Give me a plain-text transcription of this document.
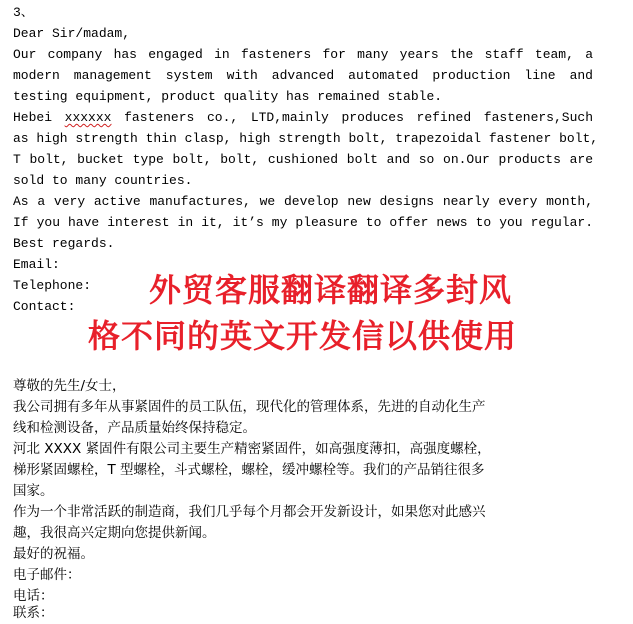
3、
Dear Sir/madam,
Our company has engaged in fasteners for many years the staff team, a
modern management system with advanced automated production line and
testing equipment, product quality has remained stable.
Hebei xxxxxx fasteners co., LTD,mainly produces refined fasteners,Such
as high strength thin clasp, high strength bolt, trapezoidal fastener bolt,
T bolt, bucket type bolt, bolt, cushioned bolt and so on.Our products are
sold to many countries.
As a very active manufactures, we develop new designs nearly every month,
If you have interest in it, it’s my pleasure to offer news to you regular.
Best regards.
Email:
Telephone:
Contact:	外贸客服翻译翻译多封风
格不同的英文开发信以供使用
尊敬的先生/女士，
我公司拥有多年从事紧固件的员工队伍，现代化的管理体系，先进的自动化生产
线和检测设备，产品质量始终保持稳定。
河北 XXXX 紧固件有限公司主要生产精密紧固件，如高强度薄扣，高强度螺栓，
梯形紧固螺栓，T 型螺栓，斗式螺栓，螺栓，缓冲螺栓等。我们的产品销往很多
国家。
作为一个非常活跃的制造商，我们几乎每个月都会开发新设计，如果您对此感兴
趣，我很高兴定期向您提供新闻。
最好的祝福。
电子邮件：
电话：
联系：
